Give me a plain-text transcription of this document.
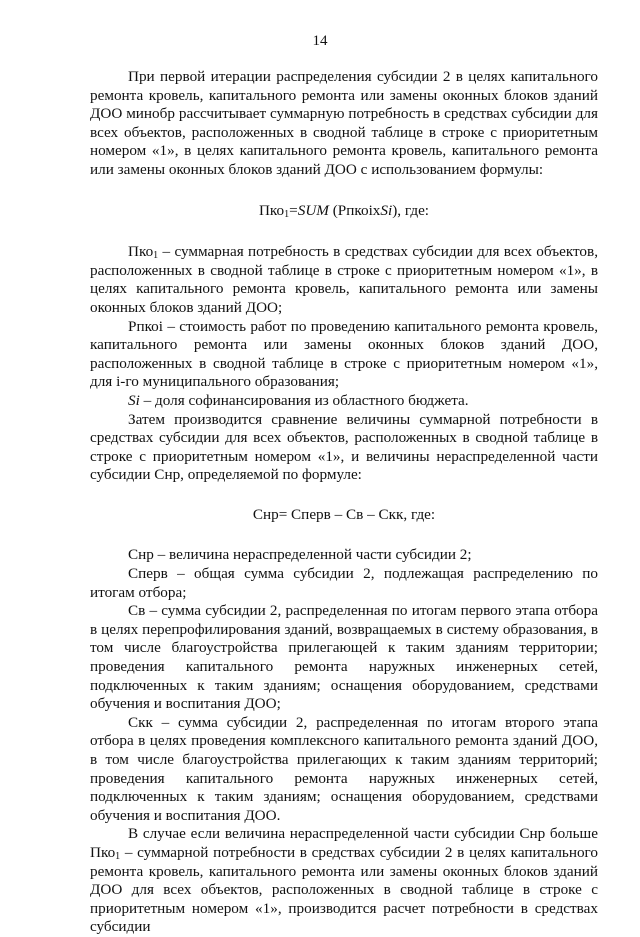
14

При первой итерации распределения субсидии 2 в целях капитального ремонта кровель, капитального ремонта или замены оконных блоков зданий ДОО минобр рассчитывает суммарную потребность в средствах субсидии для всех объектов, расположенных в сводной таблице в строке с приоритетным номером «1», в целях капитального ремонта кровель, капитального ремонта или замены оконных блоков зданий ДОО с использованием формулы:

Пко$_1$=SUM (РпкоixSi), где:

Пко$_1$ – суммарная потребность в средствах субсидии для всех объектов, расположенных в сводной таблице в строке с приоритетным номером «1», в целях капитального ремонта кровель, капитального ремонта или замены оконных блоков зданий ДОО;

Рпкоi – стоимость работ по проведению капитального ремонта кровель, капитального ремонта или замены оконных блоков зданий ДОО, расположенных в сводной таблице в строке с приоритетным номером «1», для i-го муниципального образования;

Si – доля софинансирования из областного бюджета.

Затем производится сравнение величины суммарной потребности в средствах субсидии для всех объектов, расположенных в сводной таблице в строке с приоритетным номером «1», и величины нераспределенной части субсидии Снр, определяемой по формуле:

Снр= Сперв – Св – Скк, где:

Снр – величина нераспределенной части субсидии 2;

Сперв – общая сумма субсидии 2, подлежащая распределению по итогам отбора;

Св – сумма субсидии 2, распределенная по итогам первого этапа отбора в целях перепрофилирования зданий, возвращаемых в систему образования, в том числе благоустройства прилегающей к таким зданиям территории; проведения капитального ремонта наружных инженерных сетей, подключенных к таким зданиям; оснащения оборудованием, средствами обучения и воспитания ДОО;

Скк – сумма субсидии 2, распределенная по итогам второго этапа отбора в целях проведения комплексного капитального ремонта зданий ДОО, в том числе благоустройства прилегающих к таким зданиям территорий; проведения капитального ремонта наружных инженерных сетей, подключенных к таким зданиям; оснащения оборудованием, средствами обучения и воспитания ДОО.

В случае если величина нераспределенной части субсидии Снр больше Пко$_1$ – суммарной потребности в средствах субсидии 2 в целях капитального ремонта кровель, капитального ремонта или замены оконных блоков зданий ДОО для всех объектов, расположенных в сводной таблице в строке с приоритетным номером «1», производится расчет потребности в средствах субсидии
